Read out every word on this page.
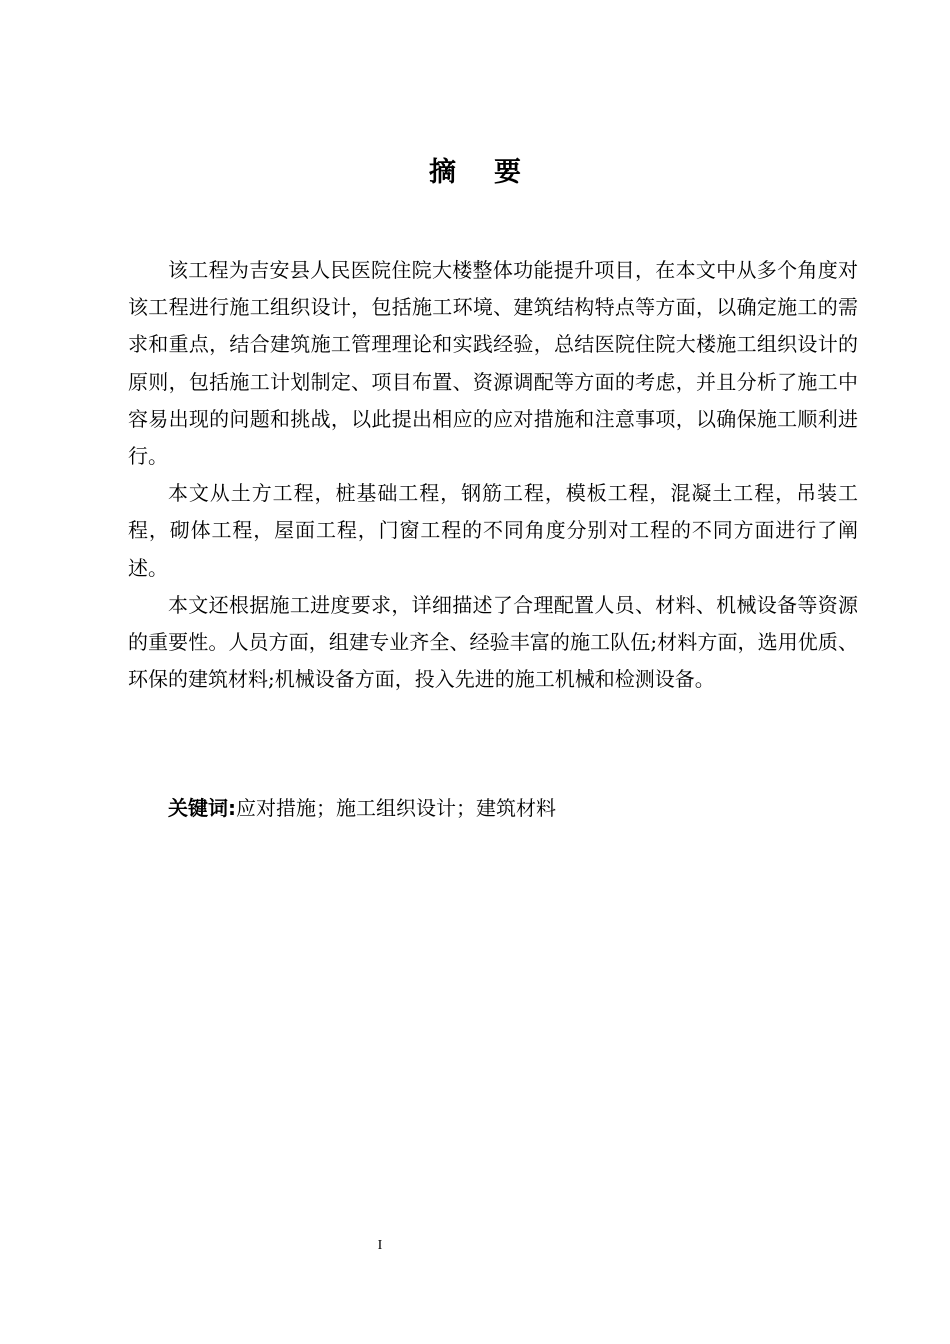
摘 要

该工程为吉安县人民医院住院大楼整体功能提升项目，在本文中从多个角度对该工程进行施工组织设计，包括施工环境、建筑结构特点等方面，以确定施工的需求和重点，结合建筑施工管理理论和实践经验，总结医院住院大楼施工组织设计的原则，包括施工计划制定、项目布置、资源调配等方面的考虑，并且分析了施工中容易出现的问题和挑战，以此提出相应的应对措施和注意事项，以确保施工顺利进行。

本文从土方工程，桩基础工程，钢筋工程，模板工程，混凝土工程，吊装工程，砌体工程，屋面工程，门窗工程的不同角度分别对工程的不同方面进行了阐述。

本文还根据施工进度要求，详细描述了合理配置人员、材料、机械设备等资源的重要性。人员方面，组建专业齐全、经验丰富的施工队伍;材料方面，选用优质、环保的建筑材料;机械设备方面，投入先进的施工机械和检测设备。

关键词:应对措施；施工组织设计；建筑材料

I
